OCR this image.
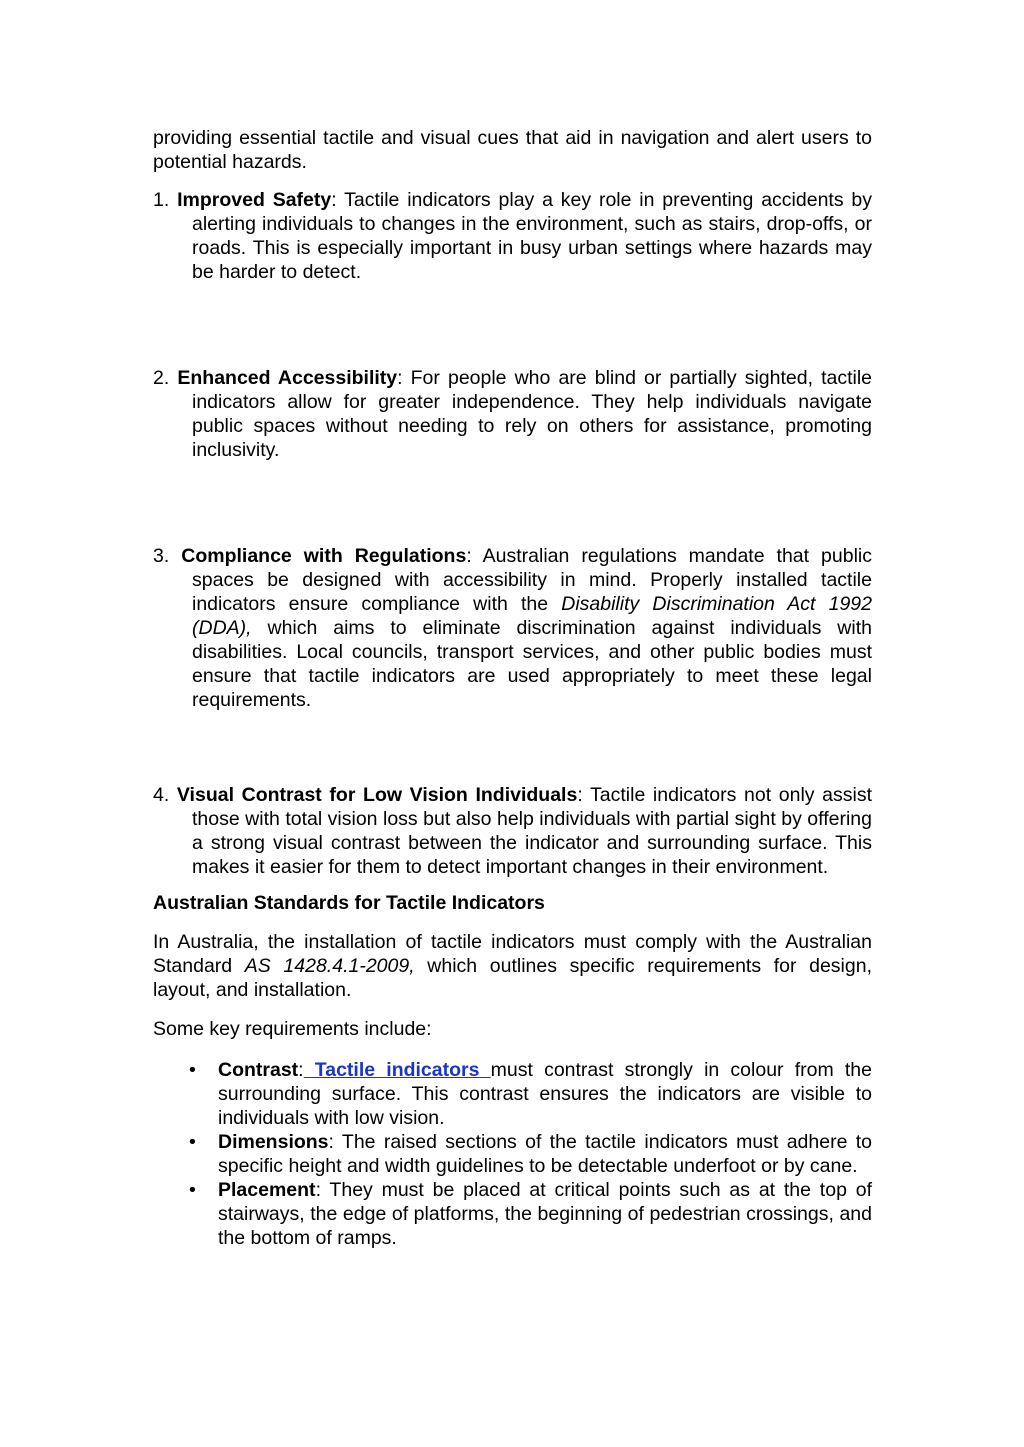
providing essential tactile and visual cues that aid in navigation and alert users to potential hazards.

1. Improved Safety: Tactile indicators play a key role in preventing accidents by alerting individuals to changes in the environment, such as stairs, drop-offs, or roads. This is especially important in busy urban settings where hazards may be harder to detect.

2. Enhanced Accessibility: For people who are blind or partially sighted, tactile indicators allow for greater independence. They help individuals navigate public spaces without needing to rely on others for assistance, promoting inclusivity.

3. Compliance with Regulations: Australian regulations mandate that public spaces be designed with accessibility in mind. Properly installed tactile indicators ensure compliance with the Disability Discrimination Act 1992 (DDA), which aims to eliminate discrimination against individuals with disabilities. Local councils, transport services, and other public bodies must ensure that tactile indicators are used appropriately to meet these legal requirements.

4. Visual Contrast for Low Vision Individuals: Tactile indicators not only assist those with total vision loss but also help individuals with partial sight by offering a strong visual contrast between the indicator and surrounding surface. This makes it easier for them to detect important changes in their environment.

Australian Standards for Tactile Indicators

In Australia, the installation of tactile indicators must comply with the Australian Standard AS 1428.4.1-2009, which outlines specific requirements for design, layout, and installation.

Some key requirements include:

• Contrast: Tactile indicators must contrast strongly in colour from the surrounding surface. This contrast ensures the indicators are visible to individuals with low vision.
• Dimensions: The raised sections of the tactile indicators must adhere to specific height and width guidelines to be detectable underfoot or by cane.
• Placement: They must be placed at critical points such as at the top of stairways, the edge of platforms, the beginning of pedestrian crossings, and the bottom of ramps.
